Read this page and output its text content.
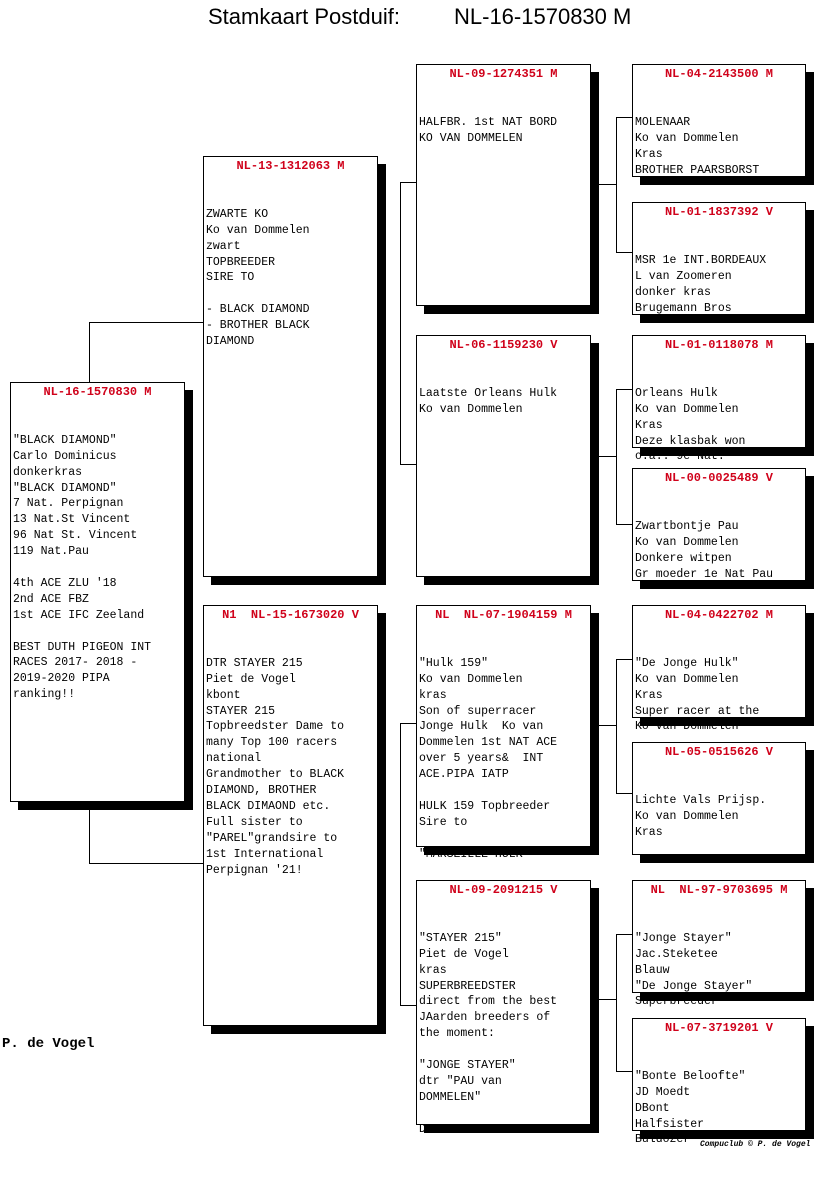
Stamkaart Postduif: NL-16-1570830 M
NL-16-1570830 M

"BLACK DIAMOND"
Carlo Dominicus
donkerkras
"BLACK DIAMOND"
7 Nat. Perpignan
13 Nat.St Vincent
96 Nat St. Vincent
119 Nat.Pau
4th ACE ZLU '18
2nd ACE FBZ
1st ACE IFC Zeeland
BEST DUTH PIGEON INT
RACES 2017- 2018 -
2019-2020 PIPA
ranking!!

NL-13-1312063 M

ZWARTE KO
Ko van Dommelen
zwart
TOPBREEDER
SIRE TO
- BLACK DIAMOND
- BROTHER BLACK
DIAMOND

N1  NL-15-1673020 V

DTR STAYER 215
Piet de Vogel
kbont
STAYER 215
Topbreedster Dame to
many Top 100 racers
national
Grandmother to BLACK
DIAMOND, BROTHER
BLACK DIMAOND etc.
Full sister to
"PAREL"grandsire to
1st International
Perpignan '21!

NL-09-1274351 M

HALFBR. 1st NAT BORD
KO VAN DOMMELEN

NL-06-1159230 V

Laatste Orleans Hulk
Ko van Dommelen

NL  NL-07-1904159 M

"Hulk 159"
Ko van Dommelen
kras
Son of superracer
Jonge Hulk  Ko van
Dommelen 1st NAT ACE
over 5 years&  INT
ACE.PIPA IATP
HULK 159 Topbreeder
Sire to
"MARSEILLE HULK"

NL-09-2091215 V

"STAYER 215"
Piet de Vogel
kras
SUPERBREEDSTER
direct from the best
JAarden breeders of
the moment:
"JONGE STAYER"
dtr "PAU van
DOMMELEN"
Dame to

NL-04-2143500 M

MOLENAAR
Ko van Dommelen
Kras
BROTHER PAARSBORST

NL-01-1837392 V

MSR 1e INT.BORDEAUX
L van Zoomeren
donker kras
Brugemann Bros

NL-01-0118078 M

Orleans Hulk
Ko van Dommelen
Kras
Deze klasbak won
o.a.: 9e Nat.

NL-00-0025489 V

Zwartbontje Pau
Ko van Dommelen
Donkere witpen
Gr moeder 1e Nat Pau

NL-04-0422702 M

"De Jonge Hulk"
Ko van Dommelen
Kras
Super racer at the
Ko van Dommelen

NL-05-0515626 V

Lichte Vals Prijsp.
Ko van Dommelen
Kras

NL  NL-97-9703695 M

"Jonge Stayer"
Jac.Steketee
Blauw
"De Jonge Stayer"
Superbreeder

NL-07-3719201 V

"Bonte Beloofte"
JD Moedt
DBont
Halfsister
Buldozer

P. de Vogel
Compuclub © P. de Vogel
